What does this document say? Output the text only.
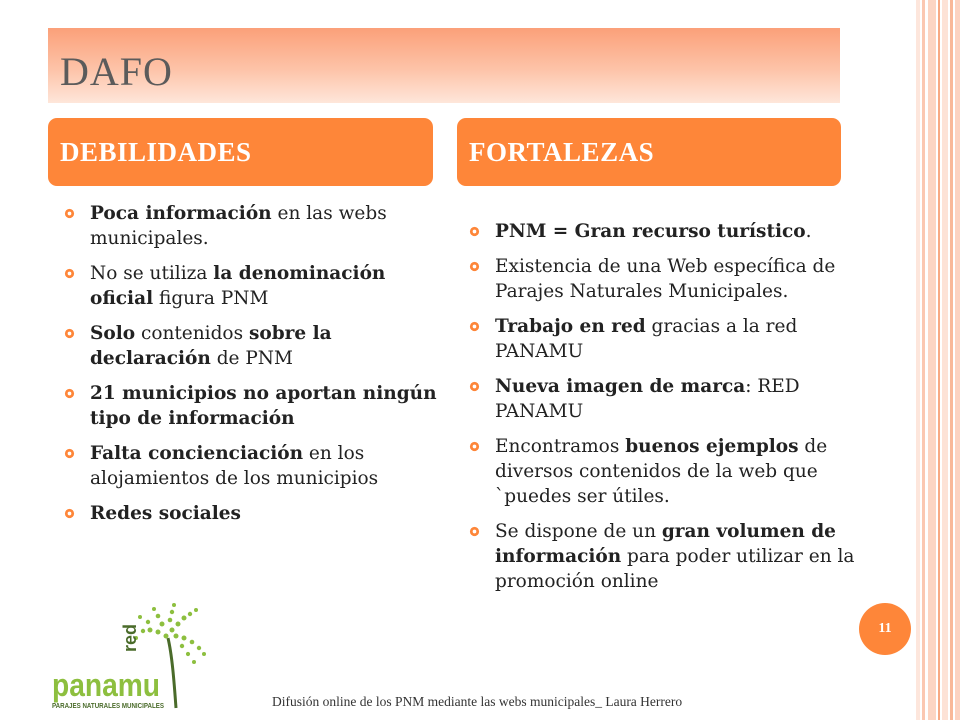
DAFO
DEBILIDADES	FORTALEZAS
Poca información en las webs municipales.
No se utiliza la denominación oficial figura PNM
Solo contenidos sobre la declaración de PNM
21 municipios no aportan ningún tipo de información
Falta concienciación en los alojamientos de los municipios
Redes sociales
PNM = Gran recurso turístico.
Existencia de una Web específica de Parajes Naturales Municipales.
Trabajo en red gracias a la red PANAMU
Nueva imagen de marca: RED PANAMU
Encontramos buenos ejemplos de diversos contenidos de la web que `puedes ser útiles.
Se dispone de un gran volumen de información para poder utilizar en la promoción online
red
panamu
PARAJES NATURALES MUNICIPALES
11
Difusión online de los PNM mediante las webs municipales_ Laura Herrero
